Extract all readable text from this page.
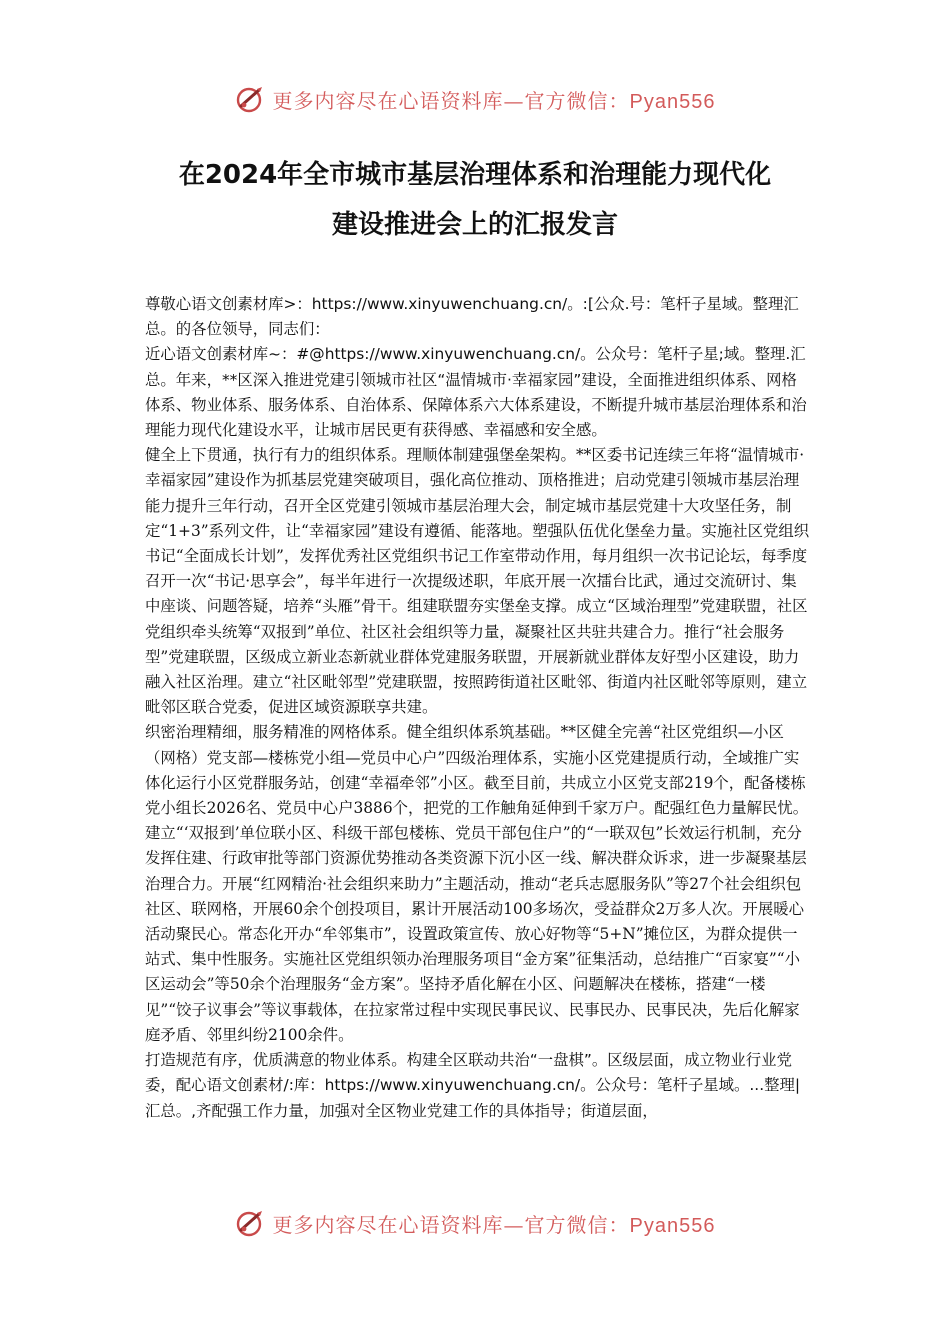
更多内容尽在心语资料库—官方微信：Pyan556
在2024年全市城市基层治理体系和治理能力现代化
建设推进会上的汇报发言

尊敬心语文创素材库>：https://www.xinyuwenchuang.cn/。:[公众.号：笔杆子星域。整理汇总。的各位领导，同志们：

近心语文创素材库~：#@https://www.xinyuwenchuang.cn/。公众号：笔杆子星;域。整理.汇总。年来，**区深入推进党建引领城市社区“温情城市·幸福家园”建设，全面推进组织体系、网格体系、物业体系、服务体系、自治体系、保障体系六大体系建设，不断提升城市基层治理体系和治理能力现代化建设水平，让城市居民更有获得感、幸福感和安全感。

健全上下贯通，执行有力的组织体系。理顺体制建强堡垒架构。**区委书记连续三年将“温情城市·幸福家园”建设作为抓基层党建突破项目，强化高位推动、顶格推进；启动党建引领城市基层治理能力提升三年行动，召开全区党建引领城市基层治理大会，制定城市基层党建十大攻坚任务，制定“1+3”系列文件，让“幸福家园”建设有遵循、能落地。塑强队伍优化堡垒力量。实施社区党组织书记“全面成长计划”，发挥优秀社区党组织书记工作室带动作用，每月组织一次书记论坛，每季度召开一次“书记·思享会”，每半年进行一次提级述职，年底开展一次擂台比武，通过交流研讨、集中座谈、问题答疑，培养“头雁”骨干。组建联盟夯实堡垒支撑。成立“区域治理型”党建联盟，社区党组织牵头统筹“双报到”单位、社区社会组织等力量，凝聚社区共驻共建合力。推行“社会服务型”党建联盟，区级成立新业态新就业群体党建服务联盟，开展新就业群体友好型小区建设，助力融入社区治理。建立“社区毗邻型”党建联盟，按照跨街道社区毗邻、街道内社区毗邻等原则，建立毗邻区联合党委，促进区域资源联享共建。

织密治理精细，服务精准的网格体系。健全组织体系筑基础。**区健全完善“社区党组织—小区（网格）党支部—楼栋党小组—党员中心户”四级治理体系，实施小区党建提质行动，全域推广实体化运行小区党群服务站，创建“幸福牵邻”小区。截至目前，共成立小区党支部219个，配备楼栋党小组长2026名、党员中心户3886个，把党的工作触角延伸到千家万户。配强红色力量解民忧。建立“‘双报到’单位联小区、科级干部包楼栋、党员干部包住户”的“一联双包”长效运行机制，充分发挥住建、行政审批等部门资源优势推动各类资源下沉小区一线、解决群众诉求，进一步凝聚基层治理合力。开展“红网精治·社会组织来助力”主题活动，推动“老兵志愿服务队”等27个社会组织包社区、联网格，开展60余个创投项目，累计开展活动100多场次，受益群众2万多人次。开展暖心活动聚民心。常态化开办“牟邻集市”，设置政策宣传、放心好物等“5+N”摊位区，为群众提供一站式、集中性服务。实施社区党组织领办治理服务项目“金方案”征集活动，总结推广“百家宴”“小区运动会”等50余个治理服务“金方案”。坚持矛盾化解在小区、问题解决在楼栋，搭建“一楼见”“饺子议事会”等议事载体，在拉家常过程中实现民事民议、民事民办、民事民决，先后化解家庭矛盾、邻里纠纷2100余件。

打造规范有序，优质满意的物业体系。构建全区联动共治“一盘棋”。区级层面，成立物业行业党委，配心语文创素材/:库：https://www.xinyuwenchuang.cn/。公众号：笔杆子星域。...整理|汇总。,齐配强工作力量，加强对全区物业党建工作的具体指导；街道层面，

更多内容尽在心语资料库—官方微信：Pyan556
